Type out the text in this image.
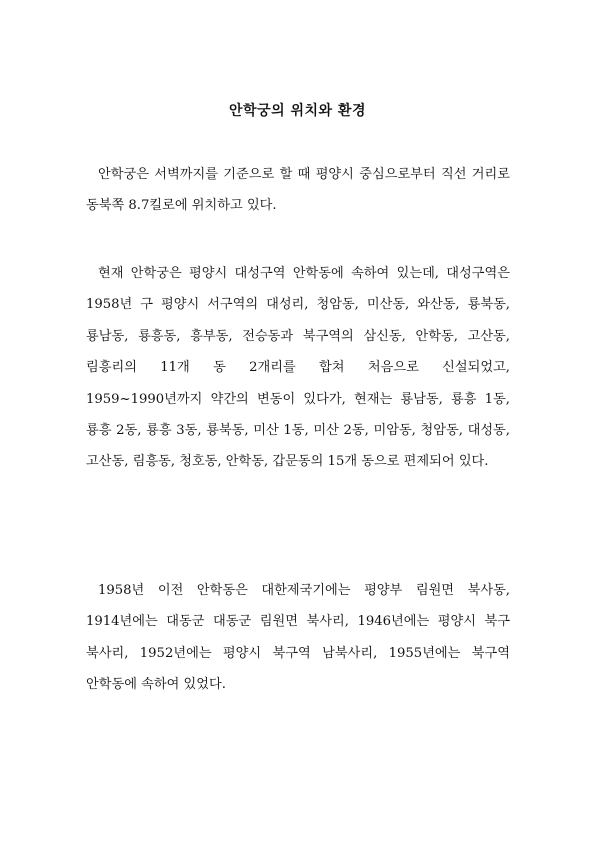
안학궁의 위치와 환경

안학궁은 서벽까지를 기준으로 할 때 평양시 중심으로부터 직선 거리로 동북쪽 8.7킬로에 위치하고 있다.

현재 안학궁은 평양시 대성구역 안학동에 속하여 있는데, 대성구역은 1958년 구 평양시 서구역의 대성리, 청암동, 미산동, 와산동, 룡북동, 룡남동, 룡흥동, 흥부동, 전승동과 북구역의 삼신동, 안학동, 고산동, 림흥리의 11개 동 2개리를 합쳐 처음으로 신설되었고, 1959~1990년까지 약간의 변동이 있다가, 현재는 룡남동, 룡흥 1동, 룡흥 2동, 룡흥 3동, 룡북동, 미산 1동, 미산 2동, 미암동, 청암동, 대성동, 고산동, 림흥동, 청호동, 안학동, 갑문동의 15개 동으로 편제되어 있다.

1958년 이전 안학동은 대한제국기에는 평양부 림원면 북사동, 1914년에는 대동군 대동군 림원면 북사리, 1946년에는 평양시 북구 북사리, 1952년에는 평양시 북구역 남북사리, 1955년에는 북구역 안학동에 속하여 있었다.
